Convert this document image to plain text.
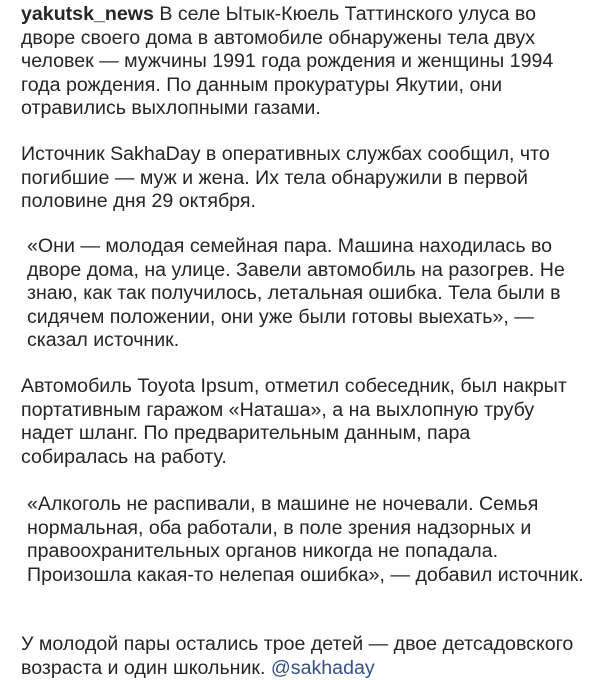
yakutsk_news В селе Ытык-Кюель Таттинского улуса во дворе своего дома в автомобиле обнаружены тела двух человек — мужчины 1991 года рождения и женщины 1994 года рождения. По данным прокуратуры Якутии, они отравились выхлопными газами.

Источник SakhaDay в оперативных службах сообщил, что погибшие — муж и жена. Их тела обнаружили в первой половине дня 29 октября.

«Они — молодая семейная пара. Машина находилась во дворе дома, на улице. Завели автомобиль на разогрев. Не знаю, как так получилось, летальная ошибка. Тела были в сидячем положении, они уже были готовы выехать», — сказал источник.

Автомобиль Toyota Ipsum, отметил собеседник, был накрыт портативным гаражом «Наташа», а на выхлопную трубу надет шланг. По предварительным данным, пара собиралась на работу.

«Алкоголь не распивали, в машине не ночевали. Семья нормальная, оба работали, в поле зрения надзорных и правоохранительных органов никогда не попадала. Произошла какая-то нелепая ошибка», — добавил источник.

У молодой пары остались трое детей — двое детсадовского возраста и один школьник. @sakhaday
